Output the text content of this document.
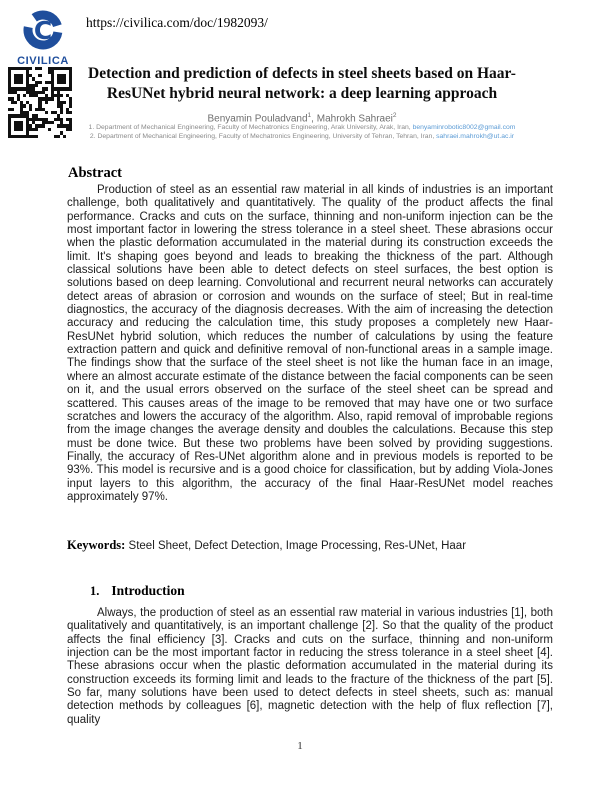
C
CIVILICA
https://civilica.com/doc/1982093/
Detection and prediction of defects in steel sheets based on Haar-ResUNet hybrid neural network: a deep learning approach
Benyamin Pouladvand$^1$, Mahrokh Sahraei$^2$
1. Department of Mechanical Engineering, Faculty of Mechatronics Engineering, Arak University, Arak, Iran, benyaminrobotic8002@gmail.com
2. Department of Mechanical Engineering, Faculty of Mechatronics Engineering, University of Tehran, Tehran, Iran, sahraei.mahrokh@ut.ac.ir
Abstract

Production of steel as an essential raw material in all kinds of industries is an important challenge, both qualitatively and quantitatively. The quality of the product affects the final performance. Cracks and cuts on the surface, thinning and non-uniform injection can be the most important factor in lowering the stress tolerance in a steel sheet. These abrasions occur when the plastic deformation accumulated in the material during its construction exceeds the limit. It's shaping goes beyond and leads to breaking the thickness of the part. Although classical solutions have been able to detect defects on steel surfaces, the best option is solutions based on deep learning. Convolutional and recurrent neural networks can accurately detect areas of abrasion or corrosion and wounds on the surface of steel; But in real-time diagnostics, the accuracy of the diagnosis decreases. With the aim of increasing the detection accuracy and reducing the calculation time, this study proposes a completely new Haar-ResUNet hybrid solution, which reduces the number of calculations by using the feature extraction pattern and quick and definitive removal of non-functional areas in a sample image. The findings show that the surface of the steel sheet is not like the human face in an image, where an almost accurate estimate of the distance between the facial components can be seen on it, and the usual errors observed on the surface of the steel sheet can be spread and scattered. This causes areas of the image to be removed that may have one or two surface scratches and lowers the accuracy of the algorithm. Also, rapid removal of improbable regions from the image changes the average density and doubles the calculations. Because this step must be done twice. But these two problems have been solved by providing suggestions. Finally, the accuracy of Res-UNet algorithm alone and in previous models is reported to be 93%. This model is recursive and is a good choice for classification, but by adding Viola-Jones input layers to this algorithm, the accuracy of the final Haar-ResUNet model reaches approximately 97%.

Keywords: Steel Sheet, Defect Detection, Image Processing, Res-UNet, Haar

1. Introduction

Always, the production of steel as an essential raw material in various industries [1], both qualitatively and quantitatively, is an important challenge [2]. So that the quality of the product affects the final efficiency [3]. Cracks and cuts on the surface, thinning and non-uniform injection can be the most important factor in reducing the stress tolerance in a steel sheet [4]. These abrasions occur when the plastic deformation accumulated in the material during its construction exceeds its forming limit and leads to the fracture of the thickness of the part [5]. So far, many solutions have been used to detect defects in steel sheets, such as: manual detection methods by colleagues [6], magnetic detection with the help of flux reflection [7], quality

1
